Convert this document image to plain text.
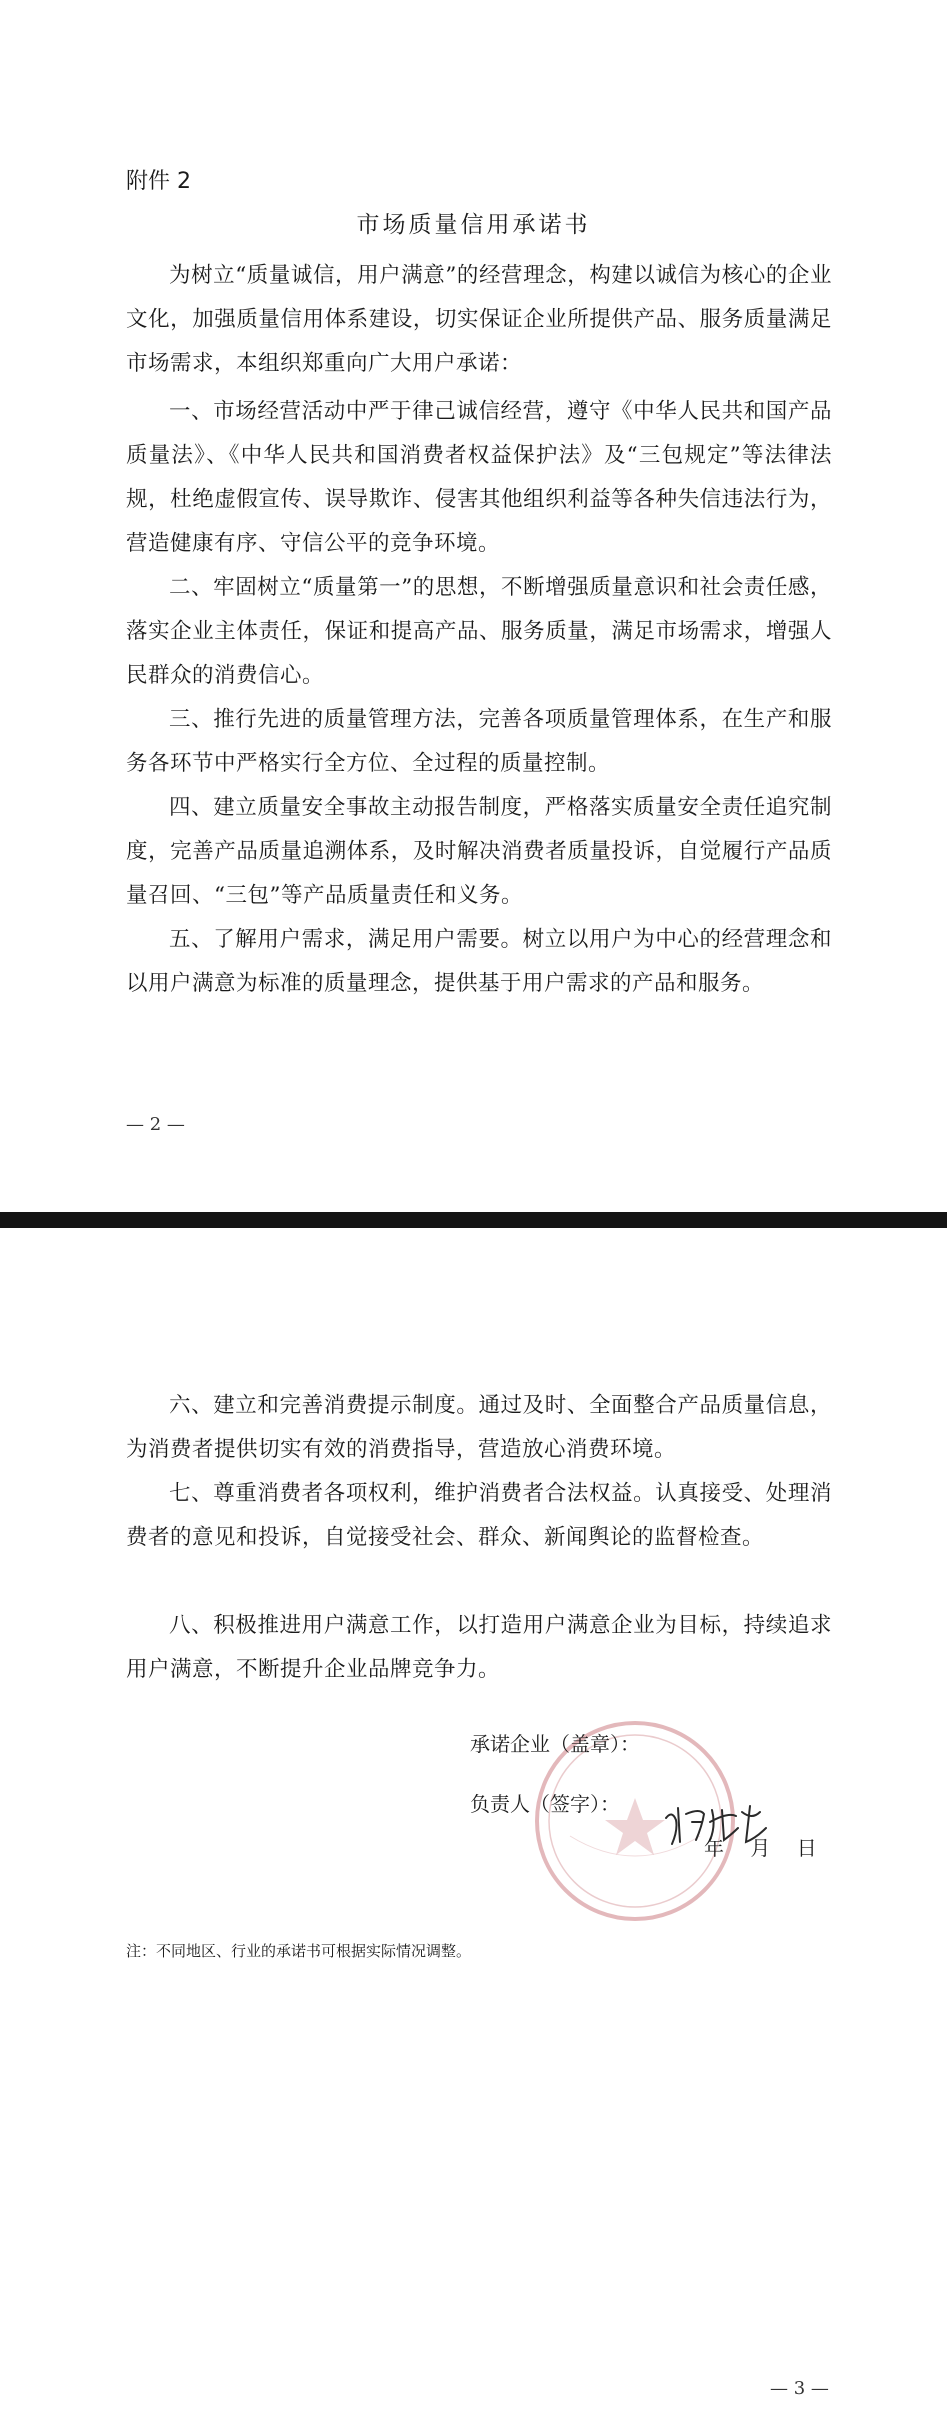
附件 2
市场质量信用承诺书

为树立“质量诚信，用户满意”的经营理念，构建以诚信为核心的企业文化，加强质量信用体系建设，切实保证企业所提供产品、服务质量满足市场需求，本组织郑重向广大用户承诺：

一、市场经营活动中严于律己诚信经营，遵守《中华人民共和国产品质量法》、《中华人民共和国消费者权益保护法》及“三包规定”等法律法规，杜绝虚假宣传、误导欺诈、侵害其他组织利益等各种失信违法行为，营造健康有序、守信公平的竞争环境。

二、牢固树立“质量第一”的思想，不断增强质量意识和社会责任感，落实企业主体责任，保证和提高产品、服务质量，满足市场需求，增强人民群众的消费信心。

三、推行先进的质量管理方法，完善各项质量管理体系，在生产和服务各环节中严格实行全方位、全过程的质量控制。

四、建立质量安全事故主动报告制度，严格落实质量安全责任追究制度，完善产品质量追溯体系，及时解决消费者质量投诉，自觉履行产品质量召回、“三包”等产品质量责任和义务。

五、了解用户需求，满足用户需要。树立以用户为中心的经营理念和以用户满意为标准的质量理念，提供基于用户需求的产品和服务。

— 2 —

六、建立和完善消费提示制度。通过及时、全面整合产品质量信息，为消费者提供切实有效的消费指导，营造放心消费环境。

七、尊重消费者各项权利，维护消费者合法权益。认真接受、处理消费者的意见和投诉，自觉接受社会、群众、新闻舆论的监督检查。

八、积极推进用户满意工作，以打造用户满意企业为目标，持续追求用户满意，不断提升企业品牌竞争力。

承诺企业（盖章）：
负责人（签字）：
年　 月　 日
注：不同地区、行业的承诺书可根据实际情况调整。
— 3 —
